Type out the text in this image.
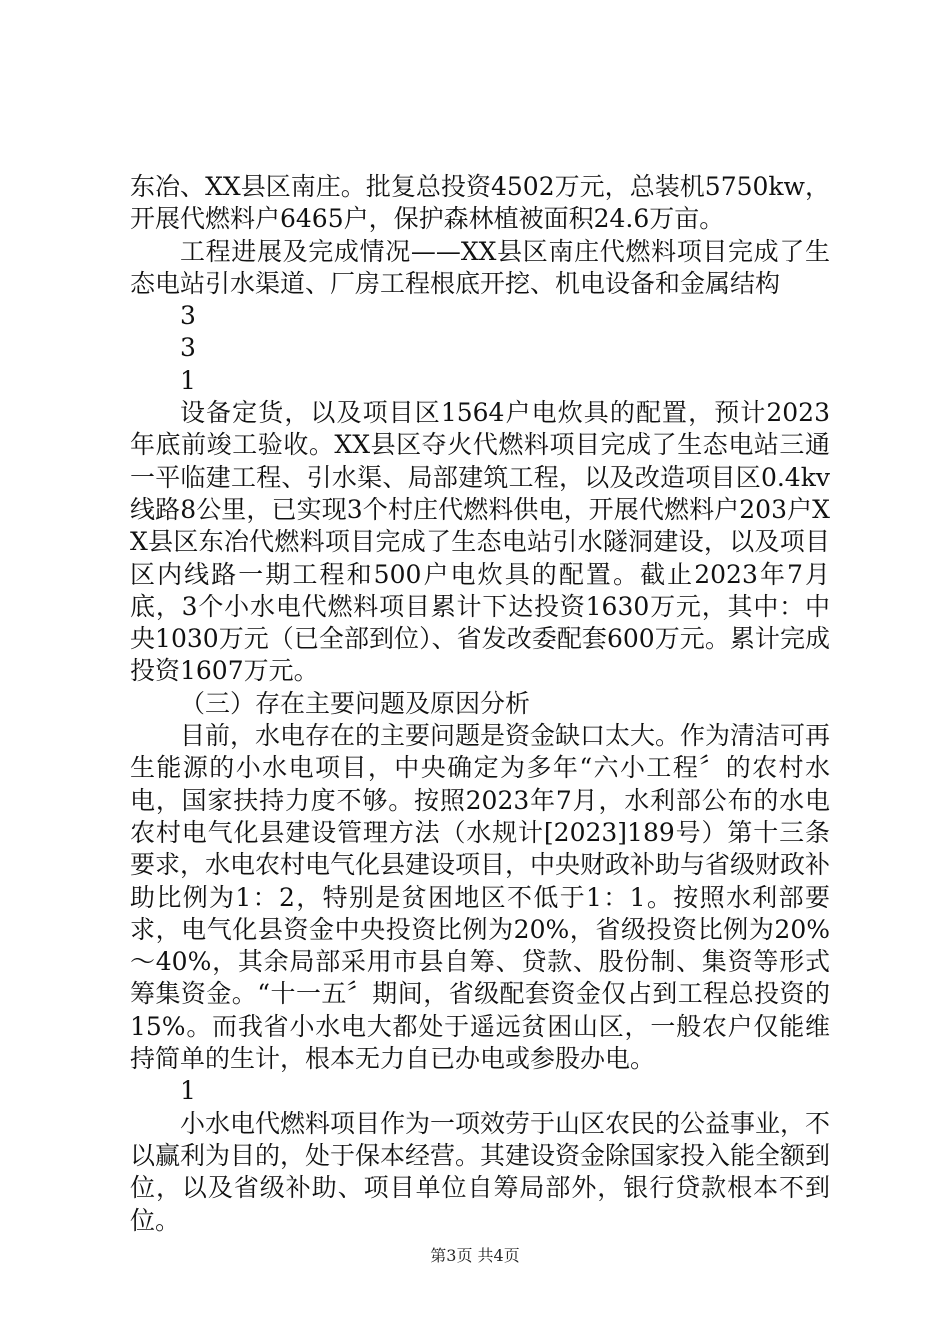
东冶、XX县区南庄。批复总投资4502万元，总装机5750kw，开展代燃料户6465户，保护森林植被面积24.6万亩。

工程进展及完成情况——XX县区南庄代燃料项目完成了生态电站引水渠道、厂房工程根底开挖、机电设备和金属结构

3

3

1

设备定货，以及项目区1564户电炊具的配置，预计2023年底前竣工验收。XX县区夺火代燃料项目完成了生态电站三通一平临建工程、引水渠、局部建筑工程，以及改造项目区0.4kv线路8公里，已实现3个村庄代燃料供电，开展代燃料户203户XX县区东冶代燃料项目完成了生态电站引水隧洞建设，以及项目区内线路一期工程和500户电炊具的配置。截止2023年7月底，3个小水电代燃料项目累计下达投资1630万元，其中：中央1030万元（已全部到位）、省发改委配套600万元。累计完成投资1607万元。

（三）存在主要问题及原因分析

目前，水电存在的主要问题是资金缺口太大。作为清洁可再生能源的小水电项目，中央确定为多年“六小工程〞的农村水电，国家扶持力度不够。按照2023年7月，水利部公布的水电农村电气化县建设管理方法（水规计[2023]189号）第十三条要求，水电农村电气化县建设项目，中央财政补助与省级财政补助比例为1：2，特别是贫困地区不低于1：1。按照水利部要求，电气化县资金中央投资比例为20%，省级投资比例为20%～40%，其余局部采用市县自筹、贷款、股份制、集资等形式筹集资金。“十一五〞期间，省级配套资金仅占到工程总投资的15%。而我省小水电大都处于遥远贫困山区，一般农户仅能维持简单的生计，根本无力自已办电或参股办电。

1

小水电代燃料项目作为一项效劳于山区农民的公益事业，不以赢利为目的，处于保本经营。其建设资金除国家投入能全额到位，以及省级补助、项目单位自筹局部外，银行贷款根本不到位。

第3页 共4页
